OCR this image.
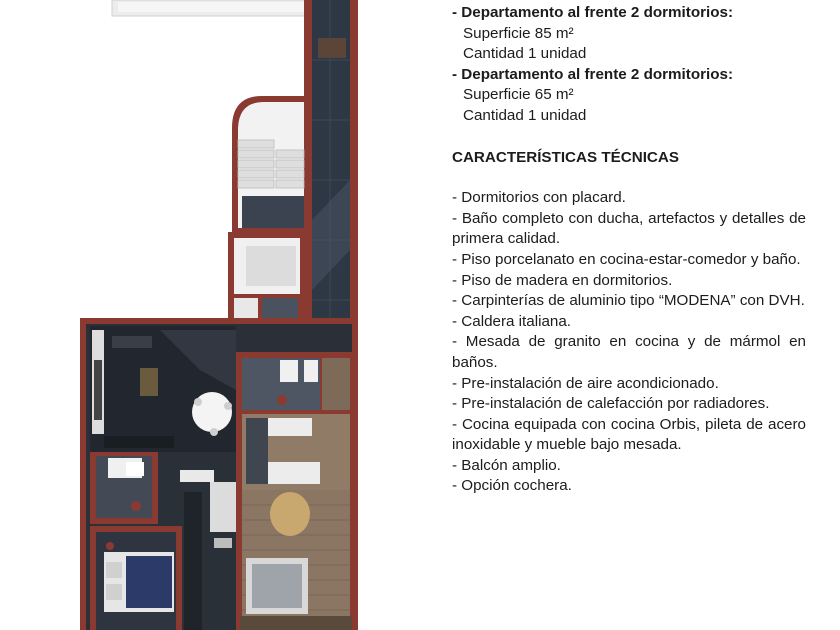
- Departamento al frente 2 dormitorios:

Superficie 85 m²

Cantidad 1 unidad

- Departamento al frente 2 dormitorios:

Superficie 65 m²

Cantidad 1 unidad

CARACTERÍSTICAS TÉCNICAS

- Dormitorios con placard.
- Baño completo con ducha, artefactos y detalles de primera calidad.
- Piso porcelanato en cocina-estar-comedor y baño.
- Piso de madera en dormitorios.
- Carpinterías de aluminio tipo “MODENA” con DVH.
- Caldera italiana.
- Mesada de granito en cocina y de mármol en baños.
- Pre-instalación de aire acondicionado.
- Pre-instalación de calefacción por radiadores.
- Cocina equipada con cocina Orbis, pileta de acero inoxidable y mueble bajo mesada.
- Balcón amplio.
- Opción cochera.
